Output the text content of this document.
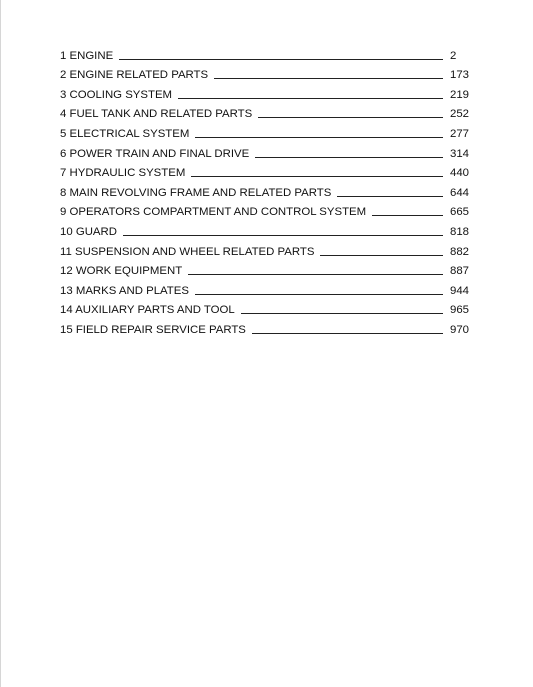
1 ENGINE	2
2 ENGINE RELATED PARTS	173
3 COOLING SYSTEM	219
4 FUEL TANK AND RELATED PARTS	252
5 ELECTRICAL SYSTEM	277
6 POWER TRAIN AND FINAL DRIVE	314
7 HYDRAULIC SYSTEM	440
8 MAIN REVOLVING FRAME AND RELATED PARTS	644
9 OPERATORS COMPARTMENT AND CONTROL SYSTEM	665
10 GUARD	818
11 SUSPENSION AND WHEEL RELATED PARTS	882
12 WORK EQUIPMENT	887
13 MARKS AND PLATES	944
14 AUXILIARY PARTS AND TOOL	965
15 FIELD REPAIR SERVICE PARTS	970
